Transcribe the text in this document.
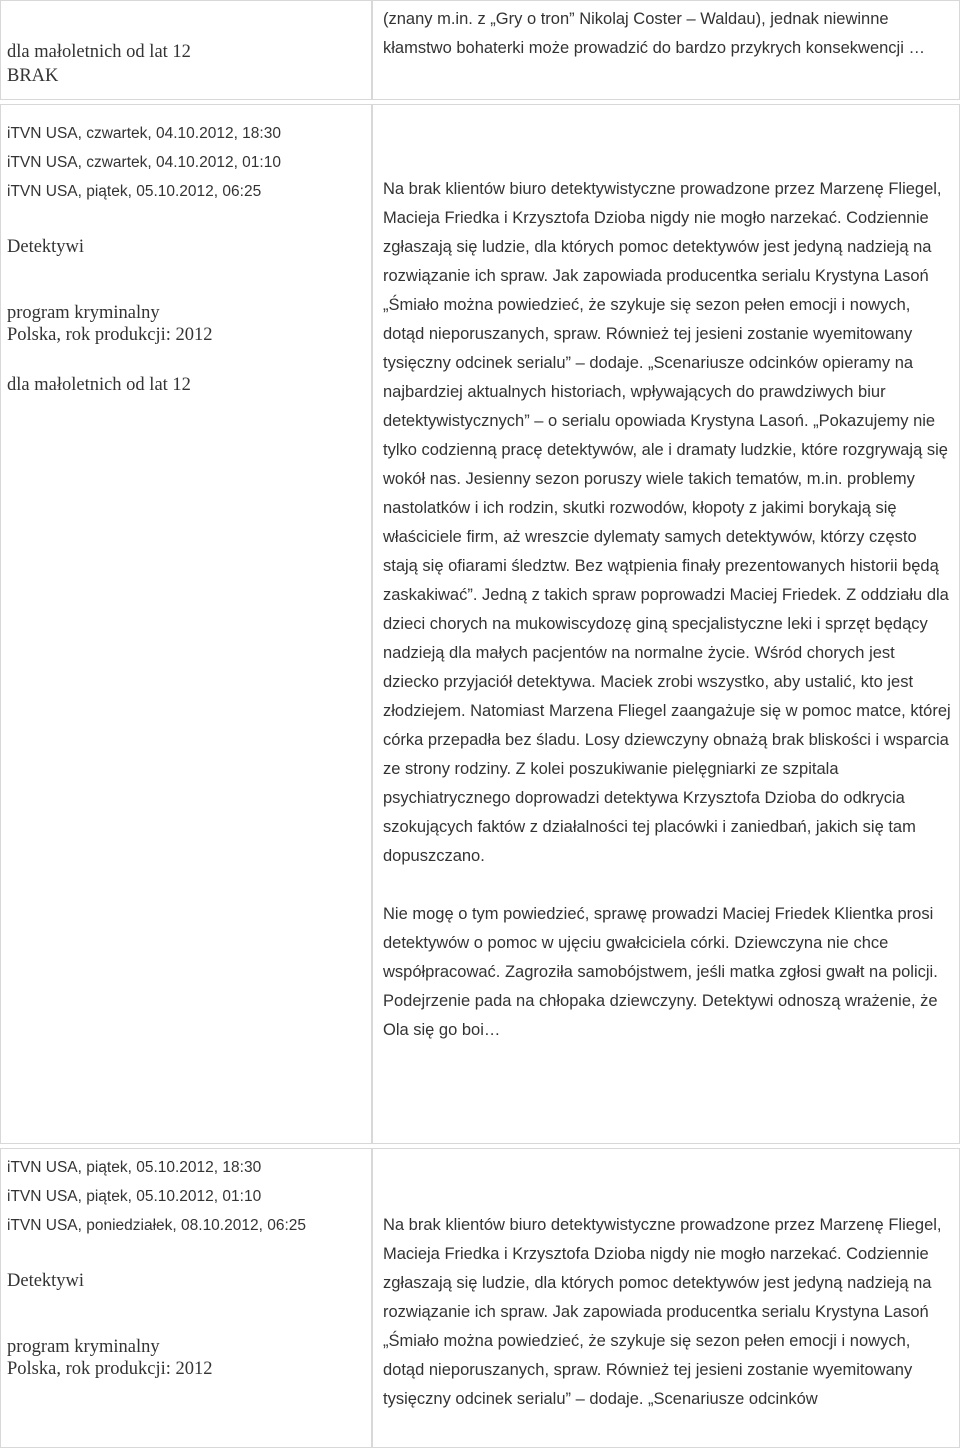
dla małoletnich od lat 12

BRAK

(znany m.in. z „Gry o tron” Nikolaj Coster – Waldau), jednak niewinne kłamstwo bohaterki może prowadzić do bardzo przykrych konsekwencji …

iTVN USA, czwartek, 04.10.2012, 18:30

iTVN USA, czwartek, 04.10.2012, 01:10

iTVN USA, piątek, 05.10.2012, 06:25

Detektywi

program kryminalny

Polska, rok produkcji: 2012

dla małoletnich od lat 12

Na brak klientów biuro detektywistyczne prowadzone przez Marzenę Fliegel, Macieja Friedka i Krzysztofa Dzioba nigdy nie mogło narzekać. Codziennie zgłaszają się ludzie, dla których pomoc detektywów jest jedyną nadzieją na rozwiązanie ich spraw. Jak zapowiada producentka serialu Krystyna Lasoń „Śmiało można powiedzieć, że szykuje się sezon pełen emocji i nowych, dotąd nieporuszanych, spraw. Również tej jesieni zostanie wyemitowany tysięczny odcinek serialu” – dodaje. „Scenariusze odcinków opieramy na najbardziej aktualnych historiach, wpływających do prawdziwych biur detektywistycznych” – o serialu opowiada Krystyna Lasoń. „Pokazujemy nie tylko codzienną pracę detektywów, ale i dramaty ludzkie, które rozgrywają się wokół nas. Jesienny sezon poruszy wiele takich tematów, m.in. problemy nastolatków i ich rodzin, skutki rozwodów, kłopoty z jakimi borykają się właściciele firm, aż wreszcie dylematy samych detektywów, którzy często stają się ofiarami śledztw. Bez wątpienia finały prezentowanych historii będą zaskakiwać”. Jedną z takich spraw poprowadzi Maciej Friedek. Z oddziału dla dzieci chorych na mukowiscydozę giną specjalistyczne leki i sprzęt będący nadzieją dla małych pacjentów na normalne życie. Wśród chorych jest dziecko przyjaciół detektywa. Maciek zrobi wszystko, aby ustalić, kto jest złodziejem. Natomiast Marzena Fliegel zaangażuje się w pomoc matce, której córka przepadła bez śladu. Losy dziewczyny obnażą brak bliskości i wsparcia ze strony rodziny. Z kolei poszukiwanie pielęgniarki ze szpitala psychiatrycznego doprowadzi detektywa Krzysztofa Dzioba do odkrycia szokujących faktów z działalności tej placówki i zaniedbań, jakich się tam dopuszczano.

Nie mogę o tym powiedzieć, sprawę prowadzi Maciej Friedek Klientka prosi detektywów o pomoc w ujęciu gwałciciela córki. Dziewczyna nie chce współpracować. Zagroziła samobójstwem, jeśli matka zgłosi gwałt na policji. Podejrzenie pada na chłopaka dziewczyny. Detektywi odnoszą wrażenie, że Ola się go boi…

iTVN USA, piątek, 05.10.2012, 18:30

iTVN USA, piątek, 05.10.2012, 01:10

iTVN USA, poniedziałek, 08.10.2012, 06:25

Detektywi

program kryminalny

Polska, rok produkcji: 2012

Na brak klientów biuro detektywistyczne prowadzone przez Marzenę Fliegel, Macieja Friedka i Krzysztofa Dzioba nigdy nie mogło narzekać. Codziennie zgłaszają się ludzie, dla których pomoc detektywów jest jedyną nadzieją na rozwiązanie ich spraw. Jak zapowiada producentka serialu Krystyna Lasoń „Śmiało można powiedzieć, że szykuje się sezon pełen emocji i nowych, dotąd nieporuszanych, spraw. Również tej jesieni zostanie wyemitowany tysięczny odcinek serialu” – dodaje. „Scenariusze odcinków
